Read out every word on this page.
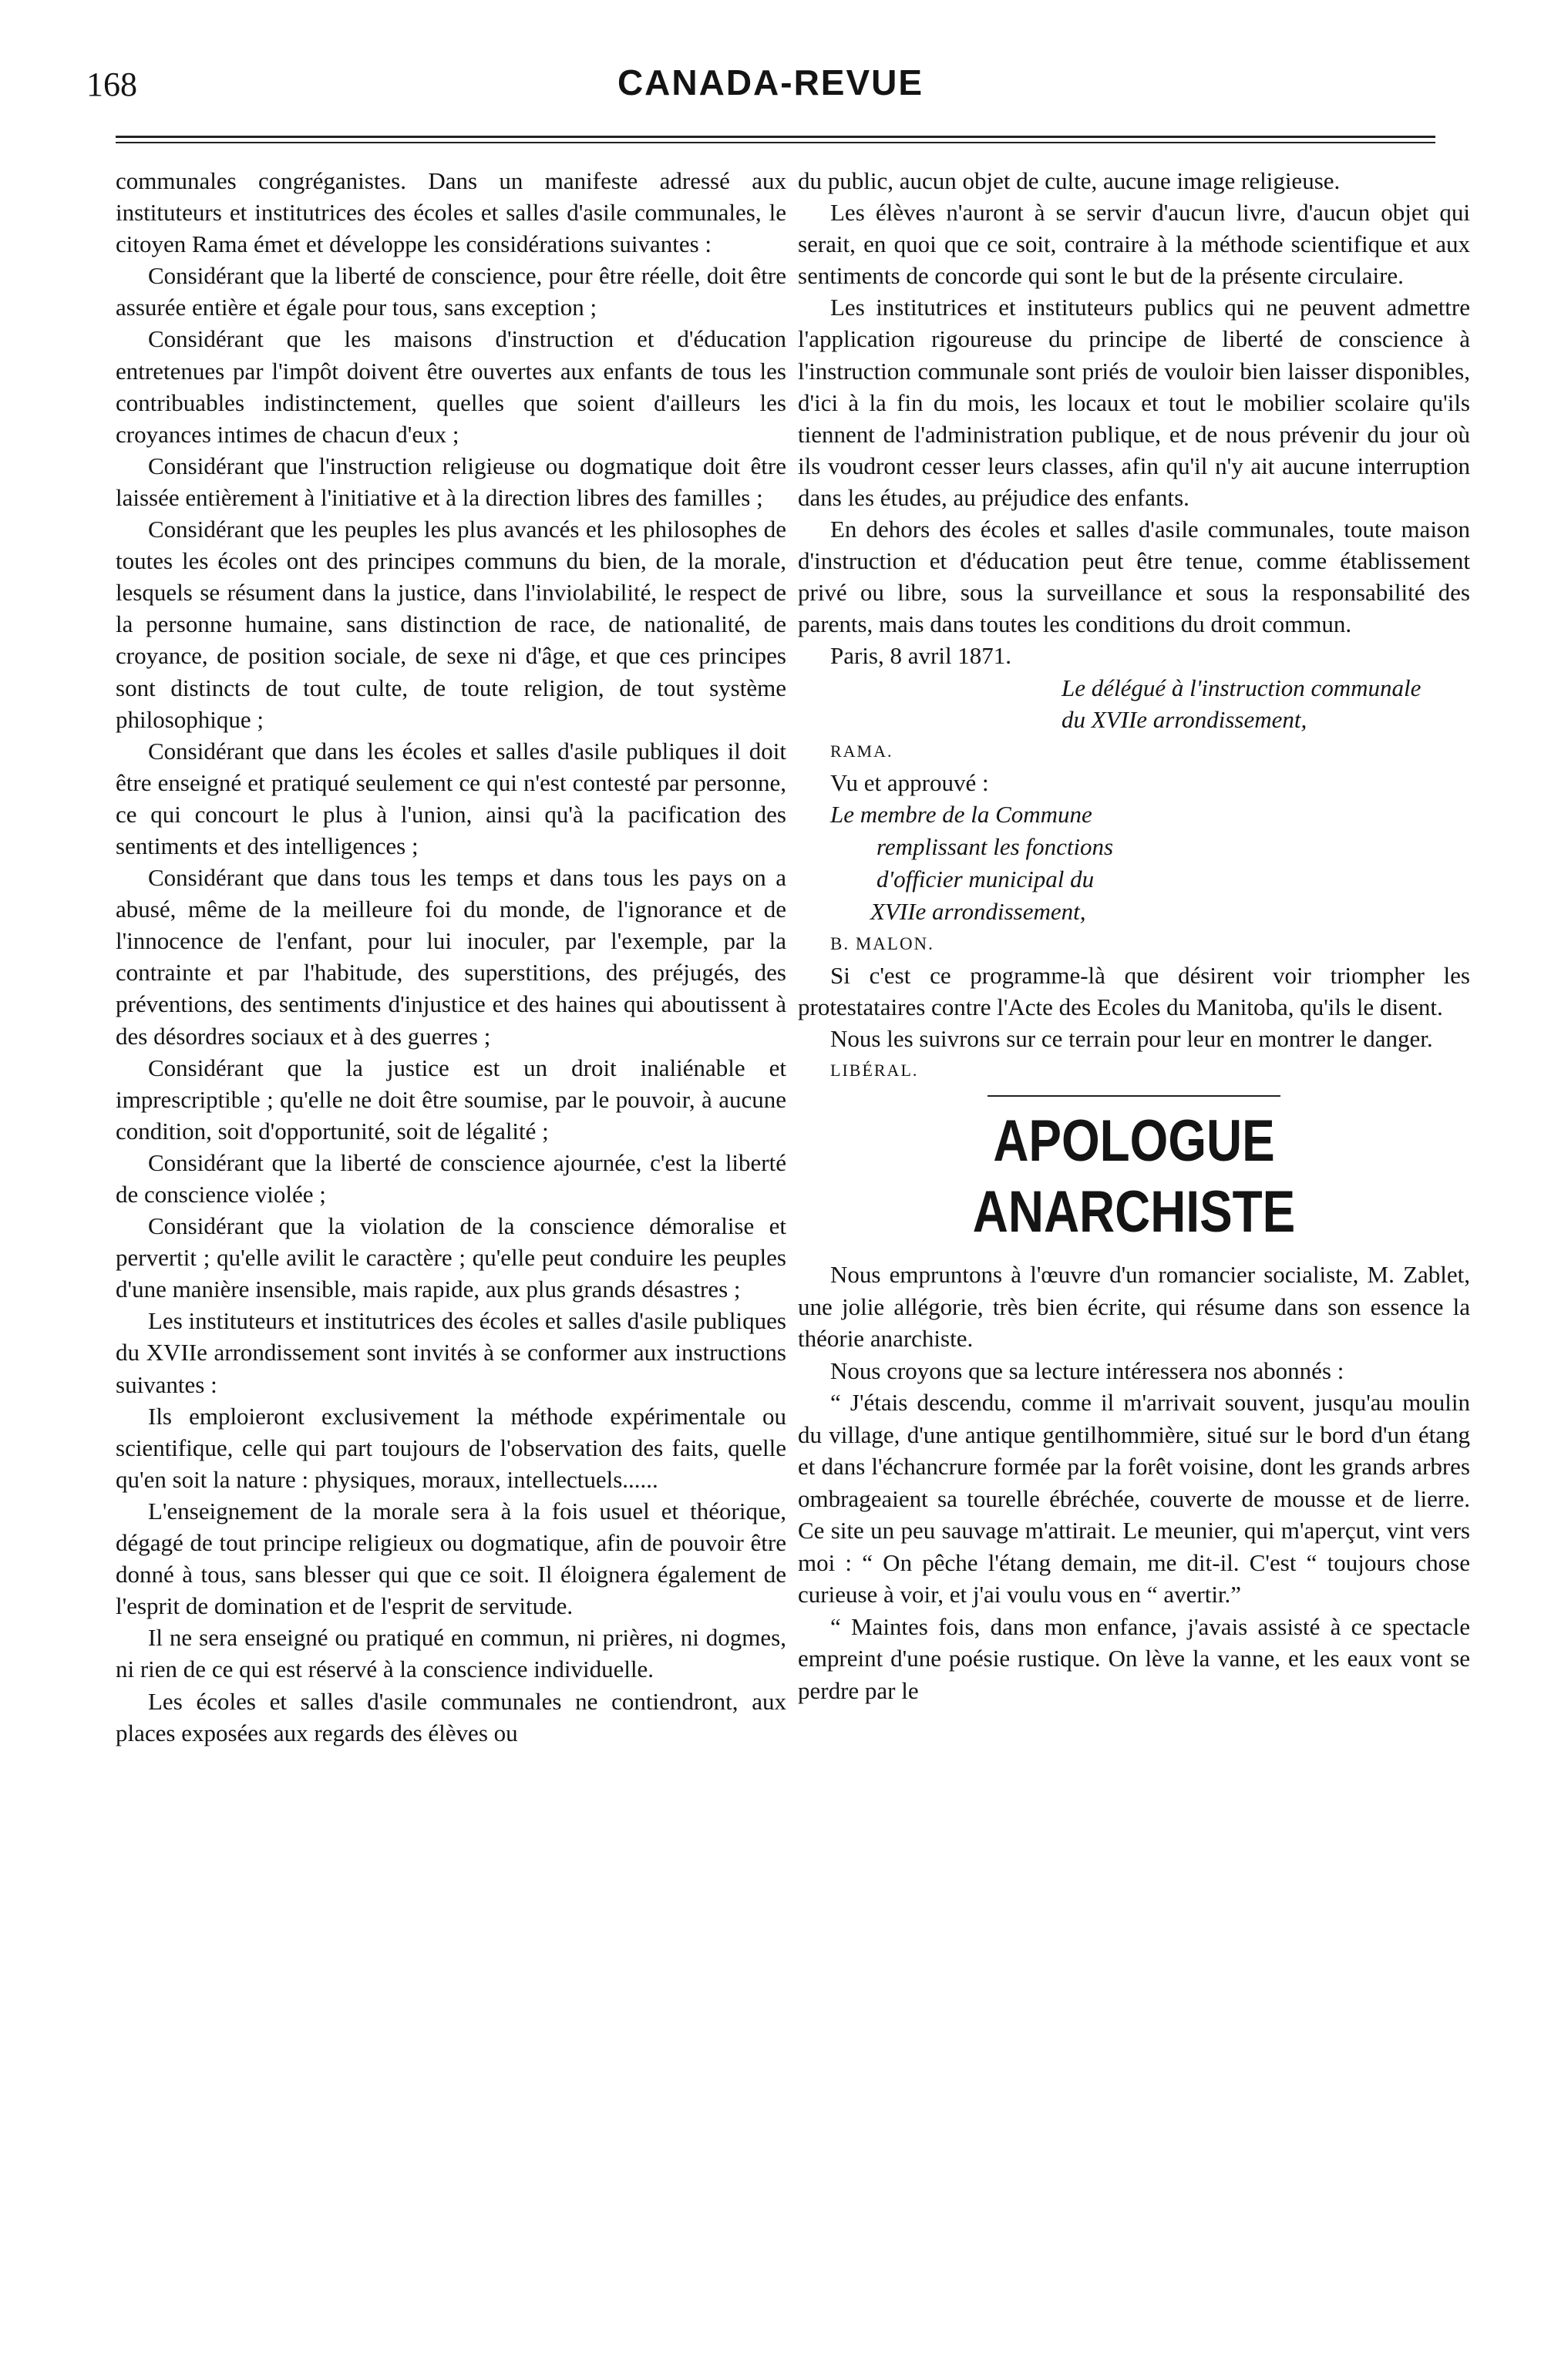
168	CANADA-REVUE

communales congréganistes. Dans un manifeste adressé aux instituteurs et institutrices des écoles et salles d'asile communales, le citoyen Rama émet et développe les considérations suivantes :

Considérant que la liberté de conscience, pour être réelle, doit être assurée entière et égale pour tous, sans exception ;

Considérant que les maisons d'instruction et d'éducation entretenues par l'impôt doivent être ouvertes aux enfants de tous les contribuables indistinctement, quelles que soient d'ailleurs les croyances intimes de chacun d'eux ;

Considérant que l'instruction religieuse ou dogmatique doit être laissée entièrement à l'initiative et à la direction libres des familles ;

Considérant que les peuples les plus avancés et les philosophes de toutes les écoles ont des principes communs du bien, de la morale, lesquels se résument dans la justice, dans l'inviolabilité, le respect de la personne humaine, sans distinction de race, de nationalité, de croyance, de position sociale, de sexe ni d'âge, et que ces principes sont distincts de tout culte, de toute religion, de tout système philosophique ;

Considérant que dans les écoles et salles d'asile publiques il doit être enseigné et pratiqué seulement ce qui n'est contesté par personne, ce qui concourt le plus à l'union, ainsi qu'à la pacification des sentiments et des intelligences ;

Considérant que dans tous les temps et dans tous les pays on a abusé, même de la meilleure foi du monde, de l'ignorance et de l'innocence de l'enfant, pour lui inoculer, par l'exemple, par la contrainte et par l'habitude, des superstitions, des préjugés, des préventions, des sentiments d'injustice et des haines qui aboutissent à des désordres sociaux et à des guerres ;

Considérant que la justice est un droit inaliénable et imprescriptible ; qu'elle ne doit être soumise, par le pouvoir, à aucune condition, soit d'opportunité, soit de légalité ;

Considérant que la liberté de conscience ajournée, c'est la liberté de conscience violée ;

Considérant que la violation de la conscience démoralise et pervertit ; qu'elle avilit le caractère ; qu'elle peut conduire les peuples d'une manière insensible, mais rapide, aux plus grands désastres ;

Les instituteurs et institutrices des écoles et salles d'asile publiques du XVIIe arrondissement sont invités à se conformer aux instructions suivantes :

Ils emploieront exclusivement la méthode expérimentale ou scientifique, celle qui part toujours de l'observation des faits, quelle qu'en soit la nature : physiques, moraux, intellectuels......

L'enseignement de la morale sera à la fois usuel et théorique, dégagé de tout principe religieux ou dogmatique, afin de pouvoir être donné à tous, sans blesser qui que ce soit. Il éloignera également de l'esprit de domination et de l'esprit de servitude.

Il ne sera enseigné ou pratiqué en commun, ni prières, ni dogmes, ni rien de ce qui est réservé à la conscience individuelle.

Les écoles et salles d'asile communales ne contiendront, aux places exposées aux regards des élèves ou

du public, aucun objet de culte, aucune image religieuse.

Les élèves n'auront à se servir d'aucun livre, d'aucun objet qui serait, en quoi que ce soit, contraire à la méthode scientifique et aux sentiments de concorde qui sont le but de la présente circulaire.

Les institutrices et instituteurs publics qui ne peuvent admettre l'application rigoureuse du principe de liberté de conscience à l'instruction communale sont priés de vouloir bien laisser disponibles, d'ici à la fin du mois, les locaux et tout le mobilier scolaire qu'ils tiennent de l'administration publique, et de nous prévenir du jour où ils voudront cesser leurs classes, afin qu'il n'y ait aucune interruption dans les études, au préjudice des enfants.

En dehors des écoles et salles d'asile communales, toute maison d'instruction et d'éducation peut être tenue, comme établissement privé ou libre, sous la surveillance et sous la responsabilité des parents, mais dans toutes les conditions du droit commun.

Paris, 8 avril 1871.

Le délégué à l'instruction communale

du XVIIe arrondissement,

RAMA.

Vu et approuvé :

Le membre de la Commune
remplissant les fonctions
d'officier municipal du
XVIIe arrondissement,

B. MALON.

Si c'est ce programme-là que désirent voir triompher les protestataires contre l'Acte des Ecoles du Manitoba, qu'ils le disent.

Nous les suivrons sur ce terrain pour leur en montrer le danger.

LIBÉRAL.

APOLOGUE ANARCHISTE

Nous empruntons à l'œuvre d'un romancier socialiste, M. Zablet, une jolie allégorie, très bien écrite, qui résume dans son essence la théorie anarchiste.

Nous croyons que sa lecture intéressera nos abonnés :

“ J'étais descendu, comme il m'arrivait souvent, jusqu'au moulin du village, d'une antique gentilhommière, situé sur le bord d'un étang et dans l'échancrure formée par la forêt voisine, dont les grands arbres ombrageaient sa tourelle ébréchée, couverte de mousse et de lierre. Ce site un peu sauvage m'attirait. Le meunier, qui m'aperçut, vint vers moi : “ On pêche l'étang demain, me dit-il. C'est “ toujours chose curieuse à voir, et j'ai voulu vous en “ avertir.”

“ Maintes fois, dans mon enfance, j'avais assisté à ce spectacle empreint d'une poésie rustique. On lève la vanne, et les eaux vont se perdre par le
